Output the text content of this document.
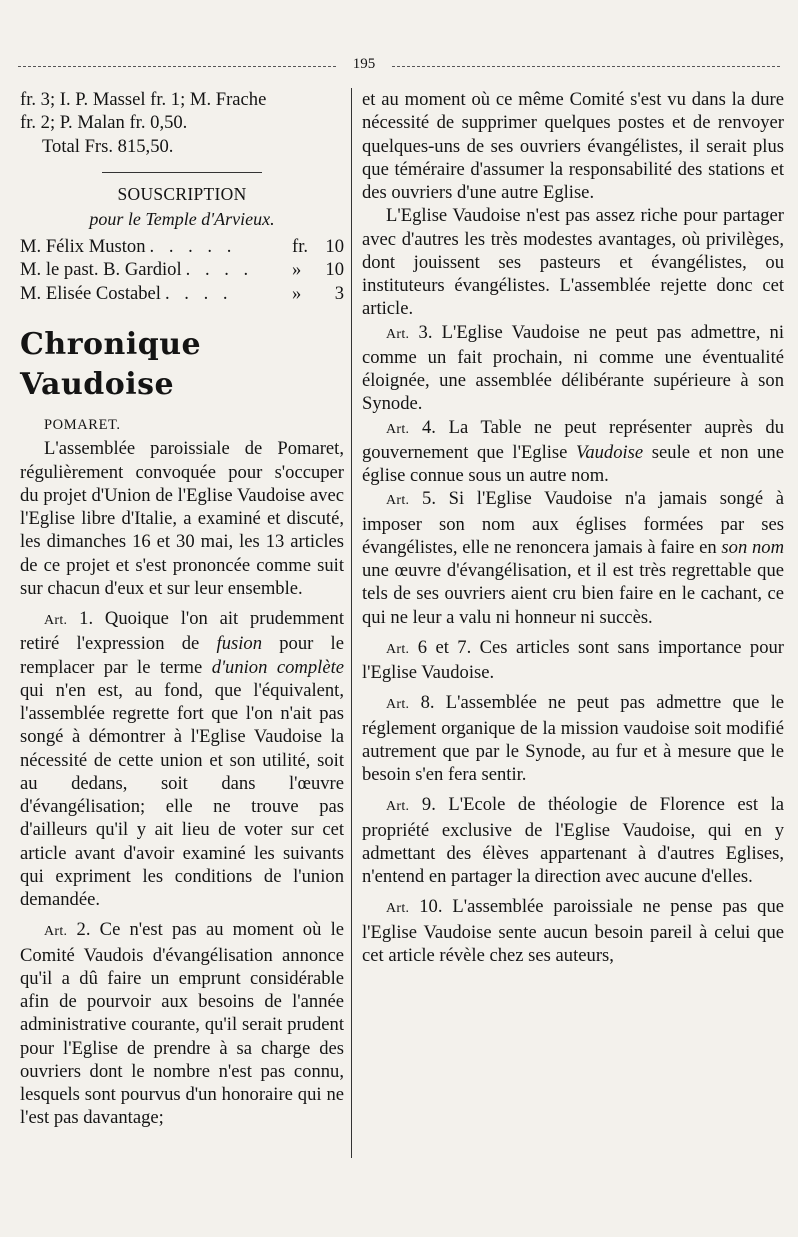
195
fr. 3; I. P. Massel fr. 1; M. Frache
fr. 2; P. Malan fr. 0,50.
Total Frs. 815,50.
SOUSCRIPTION
pour le Temple d'Arvieux.
M. Félix Muston . . . . .	fr. 10
M. le past. B. Gardiol . . . .	»	10
M. Elisée Costabel . . . .	»	3
Chronique Vaudoise
POMARET.

L'assemblée paroissiale de Pomaret, régulièrement convoquée pour s'occuper du projet d'Union de l'Eglise Vaudoise avec l'Eglise libre d'Italie, a examiné et discuté, les dimanches 16 et 30 mai, les 13 articles de ce projet et s'est prononcée comme suit sur chacun d'eux et sur leur ensemble.

Art. 1. Quoique l'on ait prudemment retiré l'expression de fusion pour le remplacer par le terme d'union complète qui n'en est, au fond, que l'équivalent, l'assemblée regrette fort que l'on n'ait pas songé à démontrer à l'Eglise Vaudoise la nécessité de cette union et son utilité, soit au dedans, soit dans l'œuvre d'évangélisation; elle ne trouve pas d'ailleurs qu'il y ait lieu de voter sur cet article avant d'avoir examiné les suivants qui expriment les conditions de l'union demandée.

Art. 2. Ce n'est pas au moment où le Comité Vaudois d'évangélisation annonce qu'il a dû faire un emprunt considérable afin de pourvoir aux besoins de l'année administrative courante, qu'il serait prudent pour l'Eglise de prendre à sa charge des ouvriers dont le nombre n'est pas connu, lesquels sont pourvus d'un honoraire qui ne l'est pas davantage;

et au moment où ce même Comité s'est vu dans la dure nécessité de supprimer quelques postes et de renvoyer quelques-uns de ses ouvriers évangélistes, il serait plus que téméraire d'assumer la responsabilité des stations et des ouvriers d'une autre Eglise.

L'Eglise Vaudoise n'est pas assez riche pour partager avec d'autres les très modestes avantages, où privilèges, dont jouissent ses pasteurs et évangélistes, ou instituteurs évangélistes. L'assemblée rejette donc cet article.

Art. 3. L'Eglise Vaudoise ne peut pas admettre, ni comme un fait prochain, ni comme une éventualité éloignée, une assemblée délibérante supérieure à son Synode.

Art. 4. La Table ne peut représenter auprès du gouvernement que l'Eglise Vaudoise seule et non une église connue sous un autre nom.

Art. 5. Si l'Eglise Vaudoise n'a jamais songé à imposer son nom aux églises formées par ses évangélistes, elle ne renoncera jamais à faire en son nom une œuvre d'évangélisation, et il est très regrettable que tels de ses ouvriers aient cru bien faire en le cachant, ce qui ne leur a valu ni honneur ni succès.

Art. 6 et 7. Ces articles sont sans importance pour l'Eglise Vaudoise.

Art. 8. L'assemblée ne peut pas admettre que le réglement organique de la mission vaudoise soit modifié autrement que par le Synode, au fur et à mesure que le besoin s'en fera sentir.

Art. 9. L'Ecole de théologie de Florence est la propriété exclusive de l'Eglise Vaudoise, qui en y admettant des élèves appartenant à d'autres Eglises, n'entend en partager la direction avec aucune d'elles.

Art. 10. L'assemblée paroissiale ne pense pas que l'Eglise Vaudoise sente aucun besoin pareil à celui que cet article révèle chez ses auteurs,
